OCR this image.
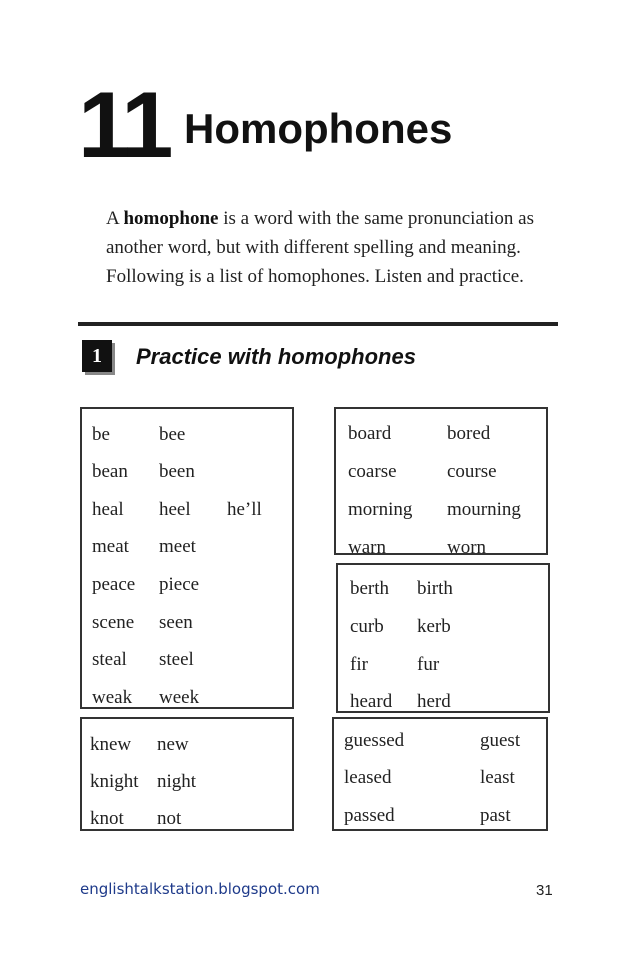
11 Homophones
A homophone is a word with the same pronunciation as another word, but with different spelling and meaning. Following is a list of homophones. Listen and practice.
1	Practice with homophones
be	bee
bean been
heal heel he’ll
meat meet
peace piece
scene seen
steal steel
weak week
knew new
knight night
knot not
board	bored
coarse	course
morning mourning
warn	worn
berth birth
curb kerb
fir	fur
heard herd
guessed	guest
leased	least
passed	past
englishtalkstation.blogspot.com	31
